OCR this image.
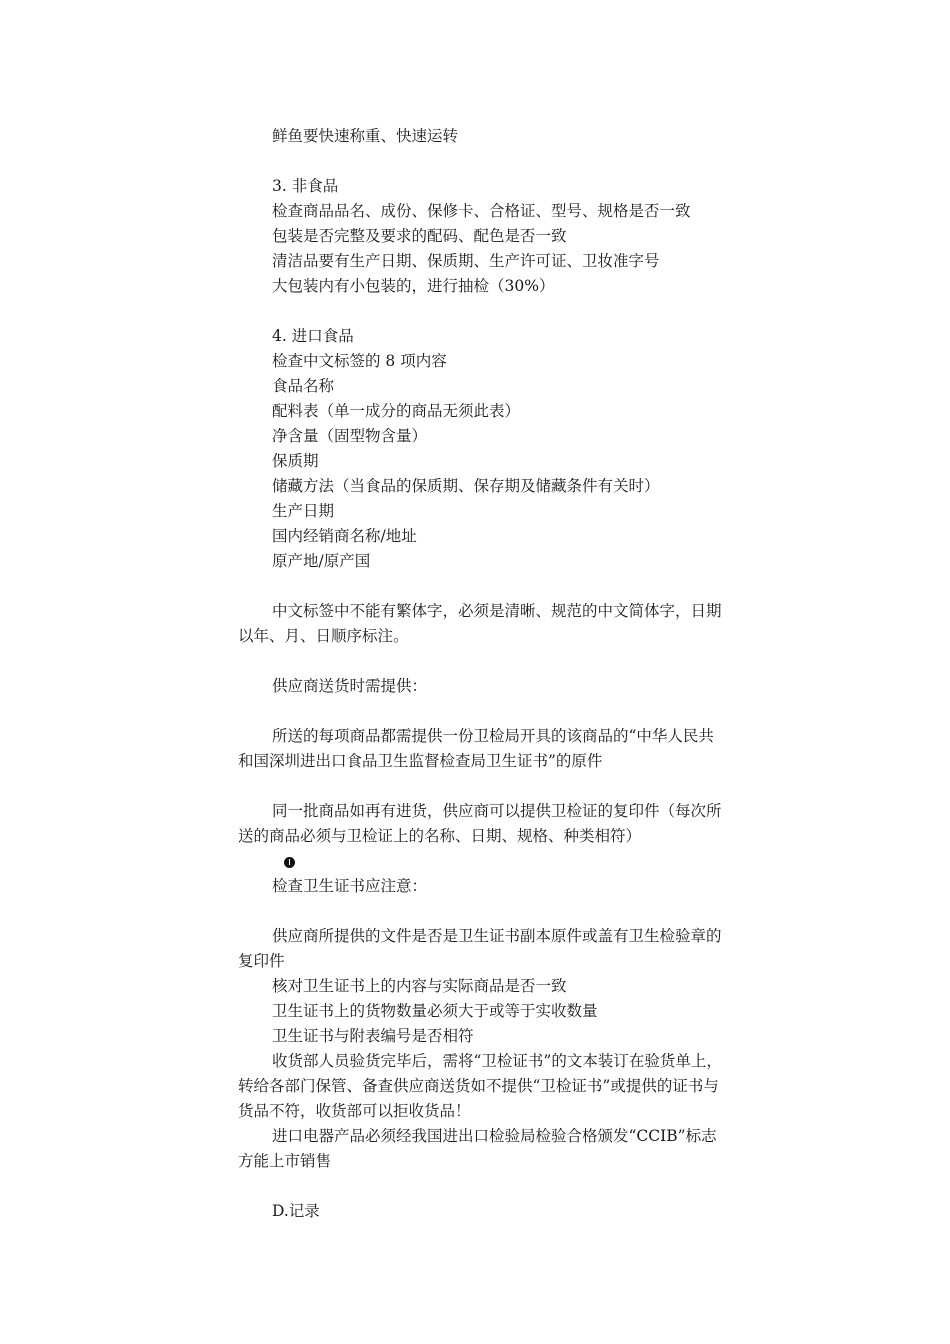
鲜鱼要快速称重、快速运转
3. 非食品
检查商品品名、成份、保修卡、合格证、型号、规格是否一致
包装是否完整及要求的配码、配色是否一致
清洁品要有生产日期、保质期、生产许可证、卫妆准字号
大包装内有小包装的，进行抽检（30%）
4. 进口食品
检查中文标签的 8 项内容
食品名称
配料表（单一成分的商品无须此表）
净含量（固型物含量）
保质期
储藏方法（当食品的保质期、保存期及储藏条件有关时）
生产日期
国内经销商名称/地址
原产地/原产国
中文标签中不能有繁体字，必须是清晰、规范的中文简体字，日期以年、月、日顺序标注。
供应商送货时需提供：
所送的每项商品都需提供一份卫检局开具的该商品的“中华人民共和国深圳进出口食品卫生监督检查局卫生证书”的原件
同一批商品如再有进货，供应商可以提供卫检证的复印件（每次所送的商品必须与卫检证上的名称、日期、规格、种类相符）
检查卫生证书应注意：
供应商所提供的文件是否是卫生证书副本原件或盖有卫生检验章的复印件
核对卫生证书上的内容与实际商品是否一致
卫生证书上的货物数量必须大于或等于实收数量
卫生证书与附表编号是否相符
收货部人员验货完毕后，需将“卫检证书”的文本装订在验货单上，转给各部门保管、备查供应商送货如不提供“卫检证书”或提供的证书与货品不符，收货部可以拒收货品！
进口电器产品必须经我国进出口检验局检验合格颁发“CCIB”标志方能上市销售
D.记录
